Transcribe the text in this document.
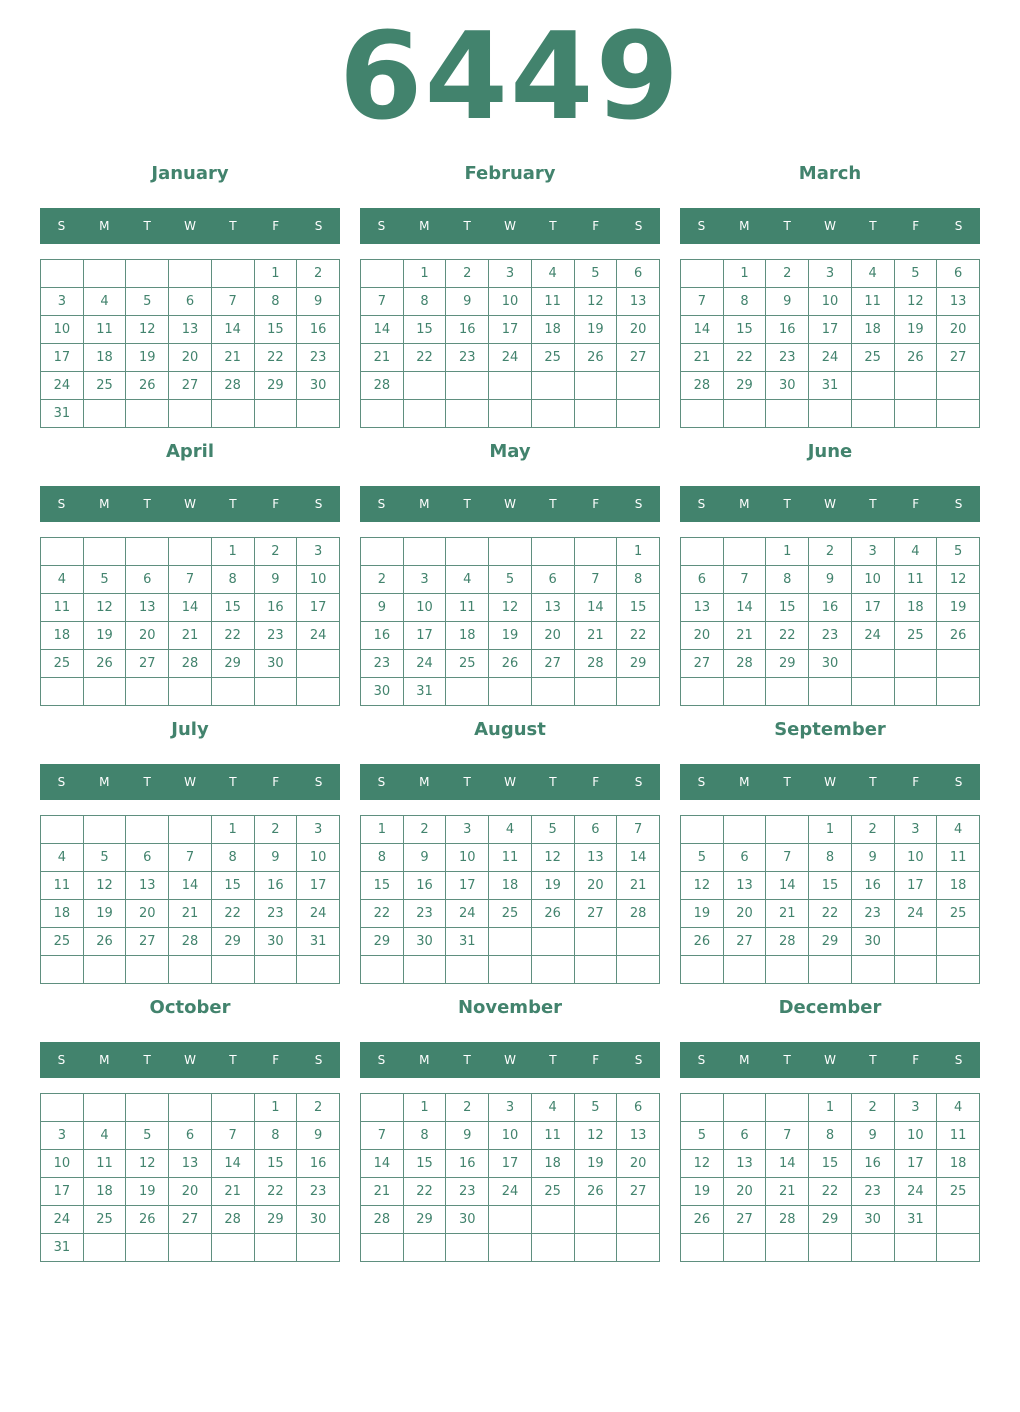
6449
January
S	M	T	W	T	F	S
					1	2
3	4	5	6	7	8	9
10	11	12	13	14	15	16
17	18	19	20	21	22	23
24	25	26	27	28	29	30
31						
February
S	M	T	W	T	F	S
	1	2	3	4	5	6
7	8	9	10	11	12	13
14	15	16	17	18	19	20
21	22	23	24	25	26	27
28						

March
S	M	T	W	T	F	S
	1	2	3	4	5	6
7	8	9	10	11	12	13
14	15	16	17	18	19	20
21	22	23	24	25	26	27
28	29	30	31			

April
S	M	T	W	T	F	S
				1	2	3
4	5	6	7	8	9	10
11	12	13	14	15	16	17
18	19	20	21	22	23	24
25	26	27	28	29	30	

May
S	M	T	W	T	F	S
						1
2	3	4	5	6	7	8
9	10	11	12	13	14	15
16	17	18	19	20	21	22
23	24	25	26	27	28	29
30	31					
June
S	M	T	W	T	F	S
		1	2	3	4	5
6	7	8	9	10	11	12
13	14	15	16	17	18	19
20	21	22	23	24	25	26
27	28	29	30			

July
S	M	T	W	T	F	S
				1	2	3
4	5	6	7	8	9	10
11	12	13	14	15	16	17
18	19	20	21	22	23	24
25	26	27	28	29	30	31

August
S	M	T	W	T	F	S
1	2	3	4	5	6	7
8	9	10	11	12	13	14
15	16	17	18	19	20	21
22	23	24	25	26	27	28
29	30	31				

September
S	M	T	W	T	F	S
			1	2	3	4
5	6	7	8	9	10	11
12	13	14	15	16	17	18
19	20	21	22	23	24	25
26	27	28	29	30		

October
S	M	T	W	T	F	S
					1	2
3	4	5	6	7	8	9
10	11	12	13	14	15	16
17	18	19	20	21	22	23
24	25	26	27	28	29	30
31						
November
S	M	T	W	T	F	S
	1	2	3	4	5	6
7	8	9	10	11	12	13
14	15	16	17	18	19	20
21	22	23	24	25	26	27
28	29	30				

December
S	M	T	W	T	F	S
			1	2	3	4
5	6	7	8	9	10	11
12	13	14	15	16	17	18
19	20	21	22	23	24	25
26	27	28	29	30	31	
